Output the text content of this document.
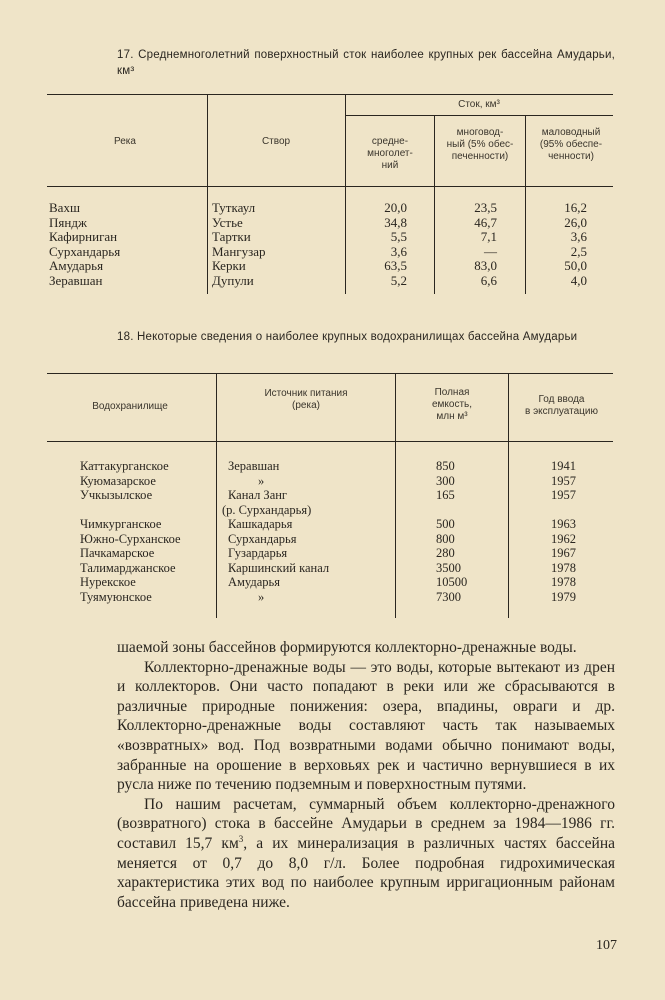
17. Среднемноголетний поверхностный сток наиболее крупных рек бассейна Амударьи, км³
Река	Створ
Сток, км³
средне-
многолет-
ний
многовод-
ный (5% обес-
печенности)
маловодный
(95% обеспе-
ченности)
Вахш	Туткаул	20,0	23,5	16,2
Пяндж	Устье	34,8	46,7	26,0
Кафирниган	Тартки	5,5	7,1	3,6
Сурхандарья	Мангузар	3,6	—	2,5
Амударья	Керки	63,5	83,0	50,0
Зеравшан	Дупули	5,2	6,6	4,0
18. Некоторые сведения о наиболее крупных водохранилищах бассейна Амударьи
Водохранилище
Источник питания
(река)
Полная
емкость,
млн м³
Год ввода
в эксплуатацию
Каттакурганское	Зеравшан	850	1941
Куюмазарское	»	300	1957
Учкызылское	Канал Занг	165	1957
(р. Сурхандарья)
Чимкурганское	Кашкадарья	500	1963
Южно-Сурханское	Сурхандарья	800	1962
Пачкамарское	Гузардарья	280	1967
Талимарджанское	Каршинский канал	3500	1978
Нурекское	Амударья	10500	1978
Туямуюнское	»	7300	1979

шаемой зоны бассейнов формируются коллекторно-дренажные воды.

Коллекторно-дренажные воды — это воды, которые вытекают из дрен и коллекторов. Они часто попадают в реки или же сбрасываются в различные природные понижения: озера, впадины, овраги и др. Коллекторно-дренажные воды составляют часть так называемых «возвратных» вод. Под возвратными водами обычно понимают воды, забранные на орошение в верховьях рек и частично вернувшиеся в их русла ниже по течению подземным и поверхностным путями.

По нашим расчетам, суммарный объем коллекторно-дренажного (возвратного) стока в бассейне Амударьи в среднем за 1984—1986 гг. составил 15,7 $км^3$, а их минерализация в различных частях бассейна меняется от 0,7 до 8,0 г/л. Более подробная гидрохимическая характеристика этих вод по наиболее крупным ирригационным районам бассейна приведена ниже.

107
